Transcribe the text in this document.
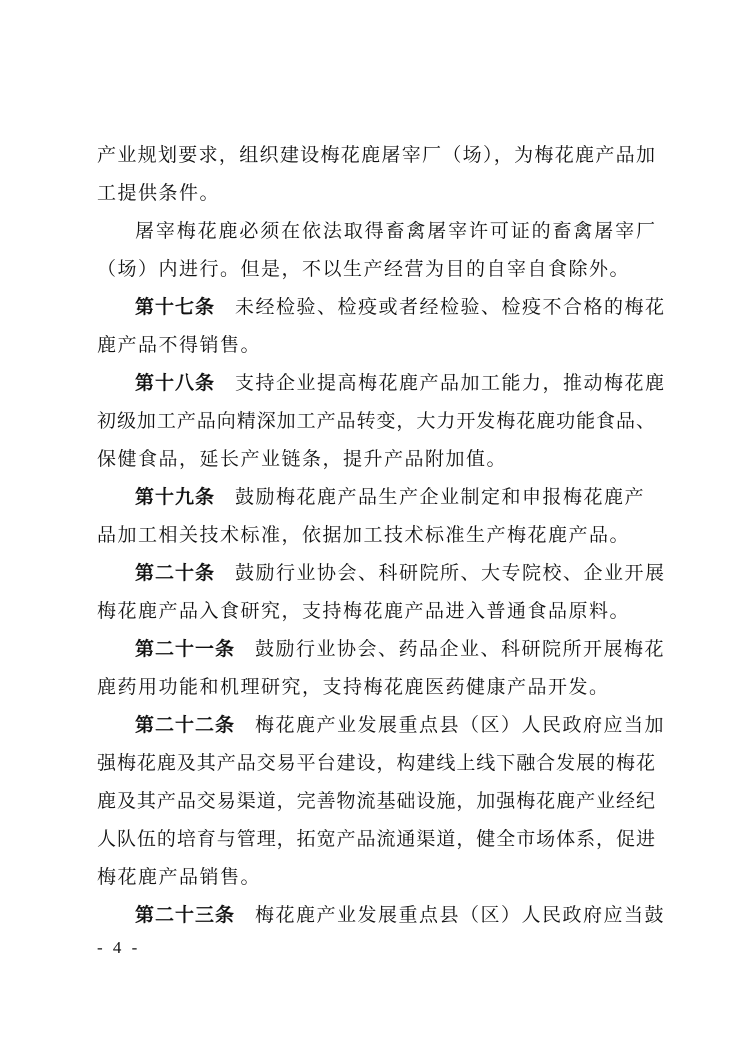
产业规划要求，组织建设梅花鹿屠宰厂（场），为梅花鹿产品加
工提供条件。
屠宰梅花鹿必须在依法取得畜禽屠宰许可证的畜禽屠宰厂
（场）内进行。但是，不以生产经营为目的自宰自食除外。
第十七条 未经检验、检疫或者经检验、检疫不合格的梅花
鹿产品不得销售。
第十八条 支持企业提高梅花鹿产品加工能力，推动梅花鹿
初级加工产品向精深加工产品转变，大力开发梅花鹿功能食品、
保健食品，延长产业链条，提升产品附加值。
第十九条 鼓励梅花鹿产品生产企业制定和申报梅花鹿产
品加工相关技术标准，依据加工技术标准生产梅花鹿产品。
第二十条 鼓励行业协会、科研院所、大专院校、企业开展
梅花鹿产品入食研究，支持梅花鹿产品进入普通食品原料。
第二十一条 鼓励行业协会、药品企业、科研院所开展梅花
鹿药用功能和机理研究，支持梅花鹿医药健康产品开发。
第二十二条 梅花鹿产业发展重点县（区）人民政府应当加
强梅花鹿及其产品交易平台建设，构建线上线下融合发展的梅花
鹿及其产品交易渠道，完善物流基础设施，加强梅花鹿产业经纪
人队伍的培育与管理，拓宽产品流通渠道，健全市场体系，促进
梅花鹿产品销售。
第二十三条 梅花鹿产业发展重点县（区）人民政府应当鼓
- 4 -
